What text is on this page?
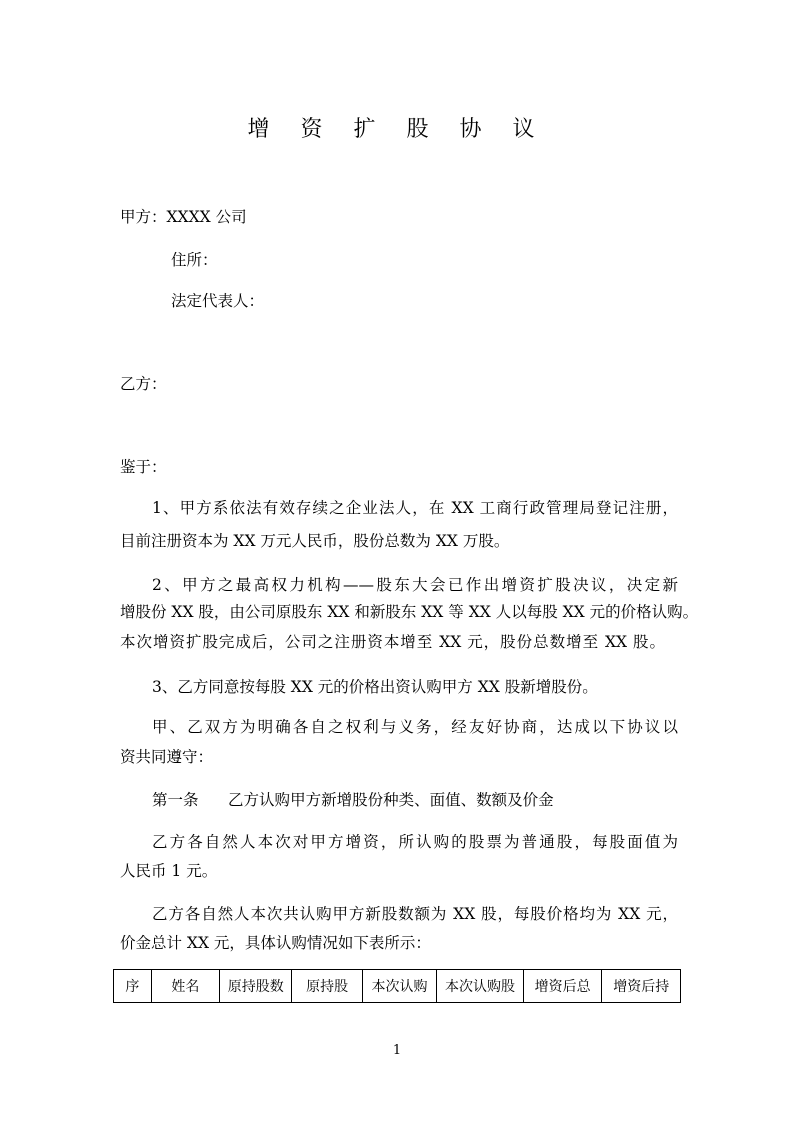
增 资 扩 股 协 议
甲方：XXXX 公司
住所：
法定代表人：
乙方：
鉴于：
1、甲方系依法有效存续之企业法人，在 XX 工商行政管理局登记注册，
目前注册资本为 XX 万元人民币，股份总数为 XX 万股。
2、甲方之最高权力机构——股东大会已作出增资扩股决议，决定新
增股份 XX 股，由公司原股东 XX 和新股东 XX 等 XX 人以每股 XX 元的价格认购。
本次增资扩股完成后，公司之注册资本增至 XX 元，股份总数增至 XX 股。
3、乙方同意按每股 XX 元的价格出资认购甲方 XX 股新增股份。
甲、乙双方为明确各自之权利与义务，经友好协商，达成以下协议以
资共同遵守：
第一条      乙方认购甲方新增股份种类、面值、数额及价金
乙方各自然人本次对甲方增资，所认购的股票为普通股，每股面值为
人民币 1 元。
乙方各自然人本次共认购甲方新股数额为 XX 股，每股价格均为 XX 元，
价金总计 XX 元，具体认购情况如下表所示：
序	姓名	原持股数	原持股	本次认购	本次认购股	增资后总	增资后持
1
